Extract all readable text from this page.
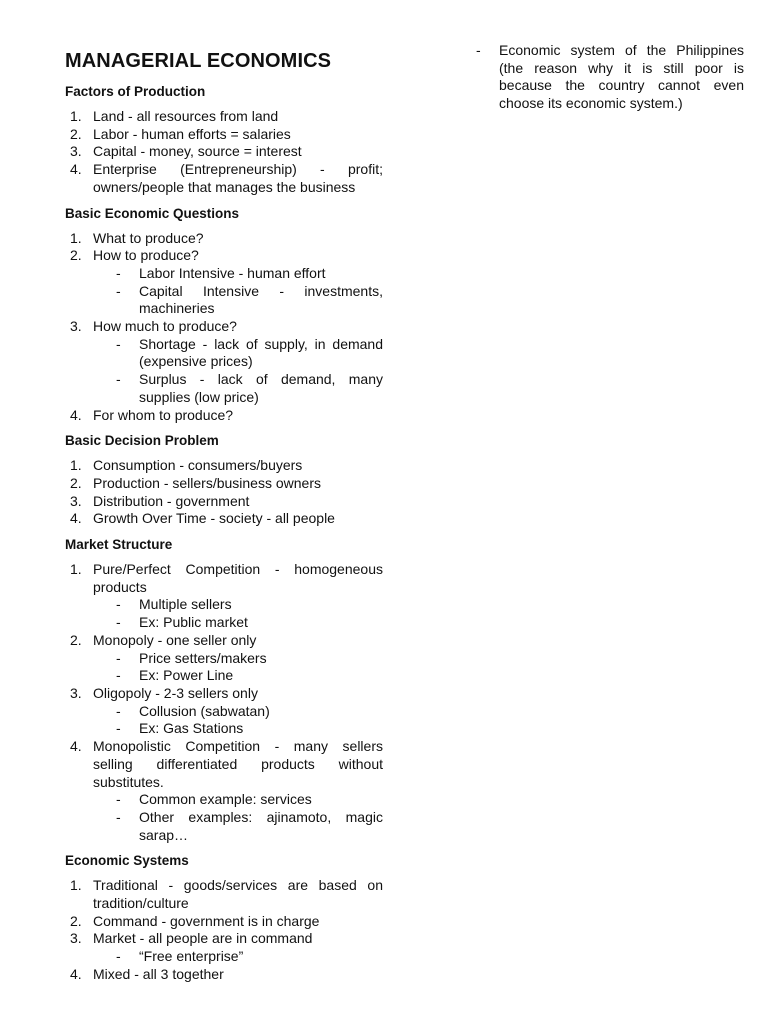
MANAGERIAL ECONOMICS
Factors of Production
1. Land - all resources from land
2. Labor - human efforts = salaries
3. Capital - money, source = interest
4. Enterprise (Entrepreneurship) - profit; owners/people that manages the business
Basic Economic Questions
1. What to produce?
2. How to produce?
- Labor Intensive - human effort
- Capital Intensive - investments, machineries
3. How much to produce?
- Shortage - lack of supply, in demand (expensive prices)
- Surplus - lack of demand, many supplies (low price)
4. For whom to produce?
Basic Decision Problem
1. Consumption - consumers/buyers
2. Production - sellers/business owners
3. Distribution - government
4. Growth Over Time - society - all people
Market Structure
1. Pure/Perfect Competition - homogeneous products
- Multiple sellers
- Ex: Public market
2. Monopoly - one seller only
- Price setters/makers
- Ex: Power Line
3. Oligopoly - 2-3 sellers only
- Collusion (sabwatan)
- Ex: Gas Stations
4. Monopolistic Competition - many sellers selling differentiated products without substitutes.
- Common example: services
- Other examples: ajinamoto, magic sarap…
Economic Systems
1. Traditional - goods/services are based on tradition/culture
2. Command - government is in charge
3. Market - all people are in command
- “Free enterprise”
4. Mixed - all 3 together
- Economic system of the Philippines (the reason why it is still poor is because the country cannot even choose its economic system.)
